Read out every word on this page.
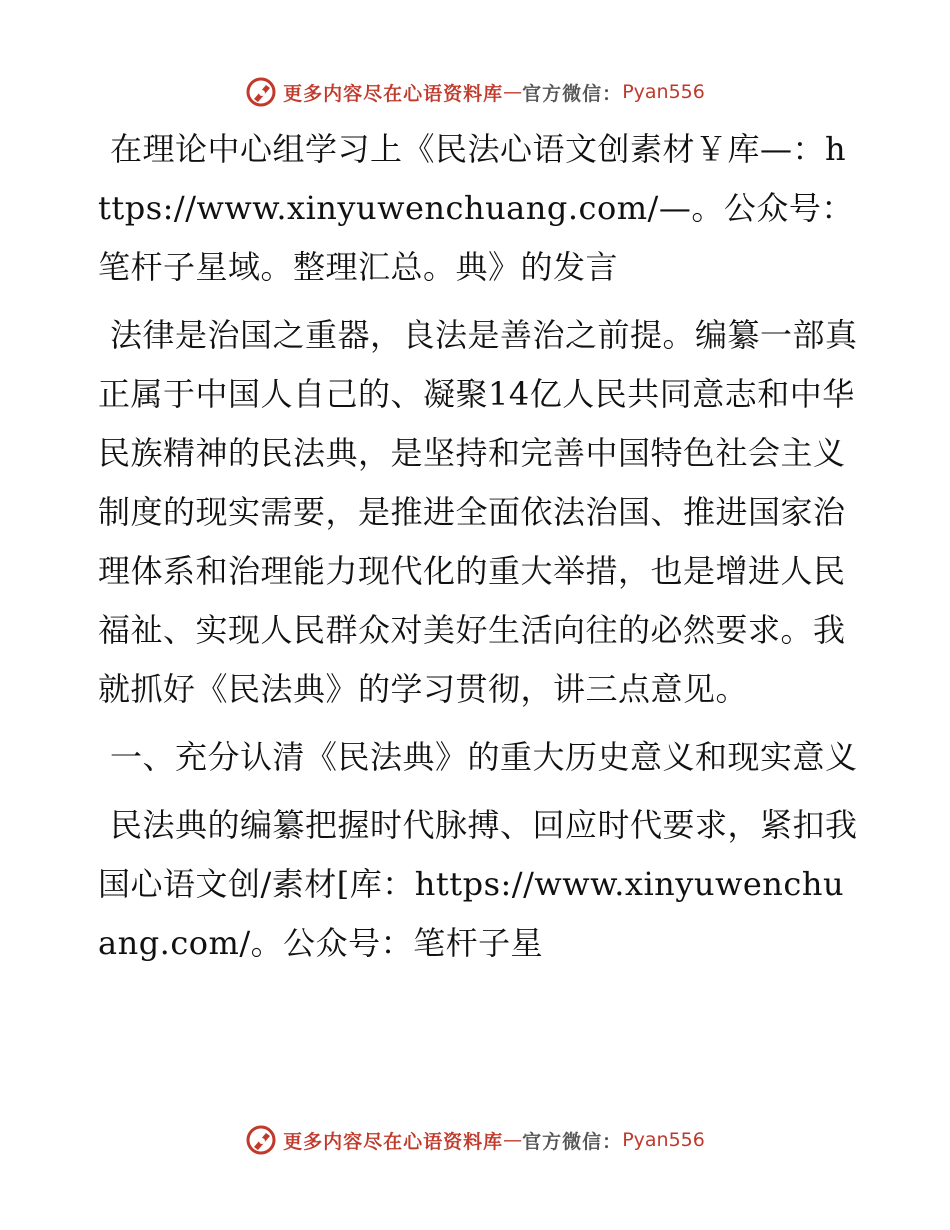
更多内容尽在心语资料库 — 官方微信： Pyan556

在理论中心组学习上《民法心语文创素材￥库—：https://www.xinyuwenchuang.com/—。公众号：笔杆子星域。整理汇总。典》的发言

法律是治国之重器，良法是善治之前提。编纂一部真正属于中国人自己的、凝聚14亿人民共同意志和中华民族精神的民法典，是坚持和完善中国特色社会主义制度的现实需要，是推进全面依法治国、推进国家治理体系和治理能力现代化的重大举措，也是增进人民福祉、实现人民群众对美好生活向往的必然要求。我就抓好《民法典》的学习贯彻，讲三点意见。

一、充分认清《民法典》的重大历史意义和现实意义

民法典的编纂把握时代脉搏、回应时代要求，紧扣我国心语文创/素材[库：https://www.xinyuwenchuang.com/。公众号：笔杆子星

更多内容尽在心语资料库 — 官方微信： Pyan556
